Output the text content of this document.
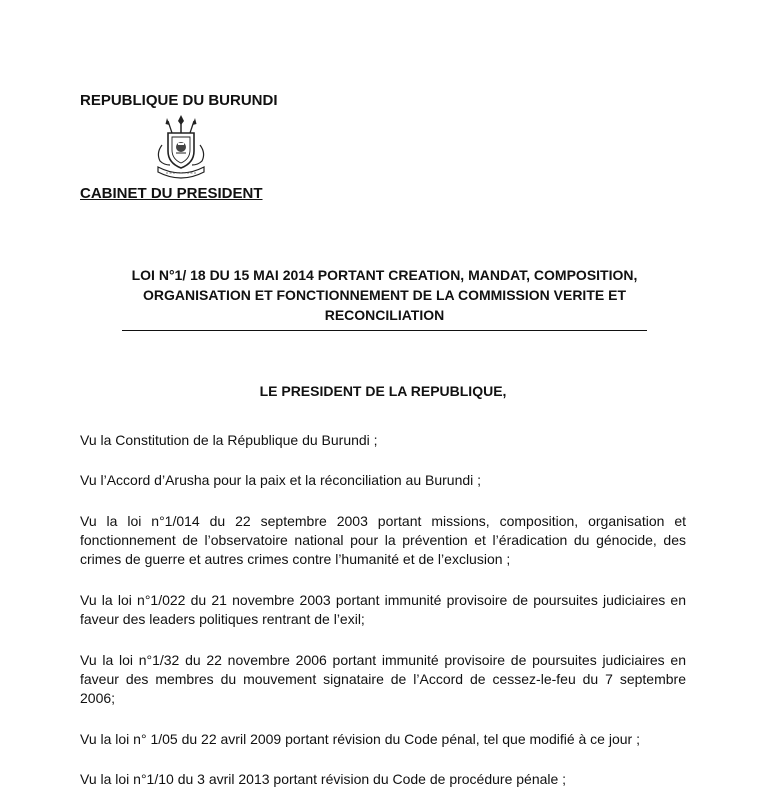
REPUBLIQUE DU BURUNDI
CABINET DU PRESIDENT
LOI N°1/ 18 DU 15 MAI 2014 PORTANT CREATION, MANDAT, COMPOSITION, ORGANISATION ET FONCTIONNEMENT DE LA COMMISSION VERITE ET RECONCILIATION
LE PRESIDENT DE LA REPUBLIQUE,

Vu la Constitution de la République du Burundi ;

Vu l’Accord d’Arusha pour la paix et la réconciliation au Burundi ;

Vu la loi n°1/014 du 22 septembre 2003 portant missions, composition, organisation et fonctionnement de l’observatoire national pour la prévention et l’éradication du génocide, des crimes de guerre et autres crimes contre l’humanité et de l’exclusion ;

Vu la loi n°1/022 du 21 novembre 2003 portant immunité provisoire de poursuites judiciaires en faveur des leaders politiques rentrant de l’exil;

Vu la loi n°1/32 du 22 novembre 2006 portant immunité provisoire de poursuites judiciaires en faveur des membres du mouvement signataire de l’Accord de cessez-le-feu du 7 septembre 2006;

Vu la loi n° 1/05 du 22 avril 2009 portant révision du Code pénal, tel que modifié à ce jour ;

Vu la loi n°1/10 du 3 avril 2013 portant révision du Code de procédure pénale ;
